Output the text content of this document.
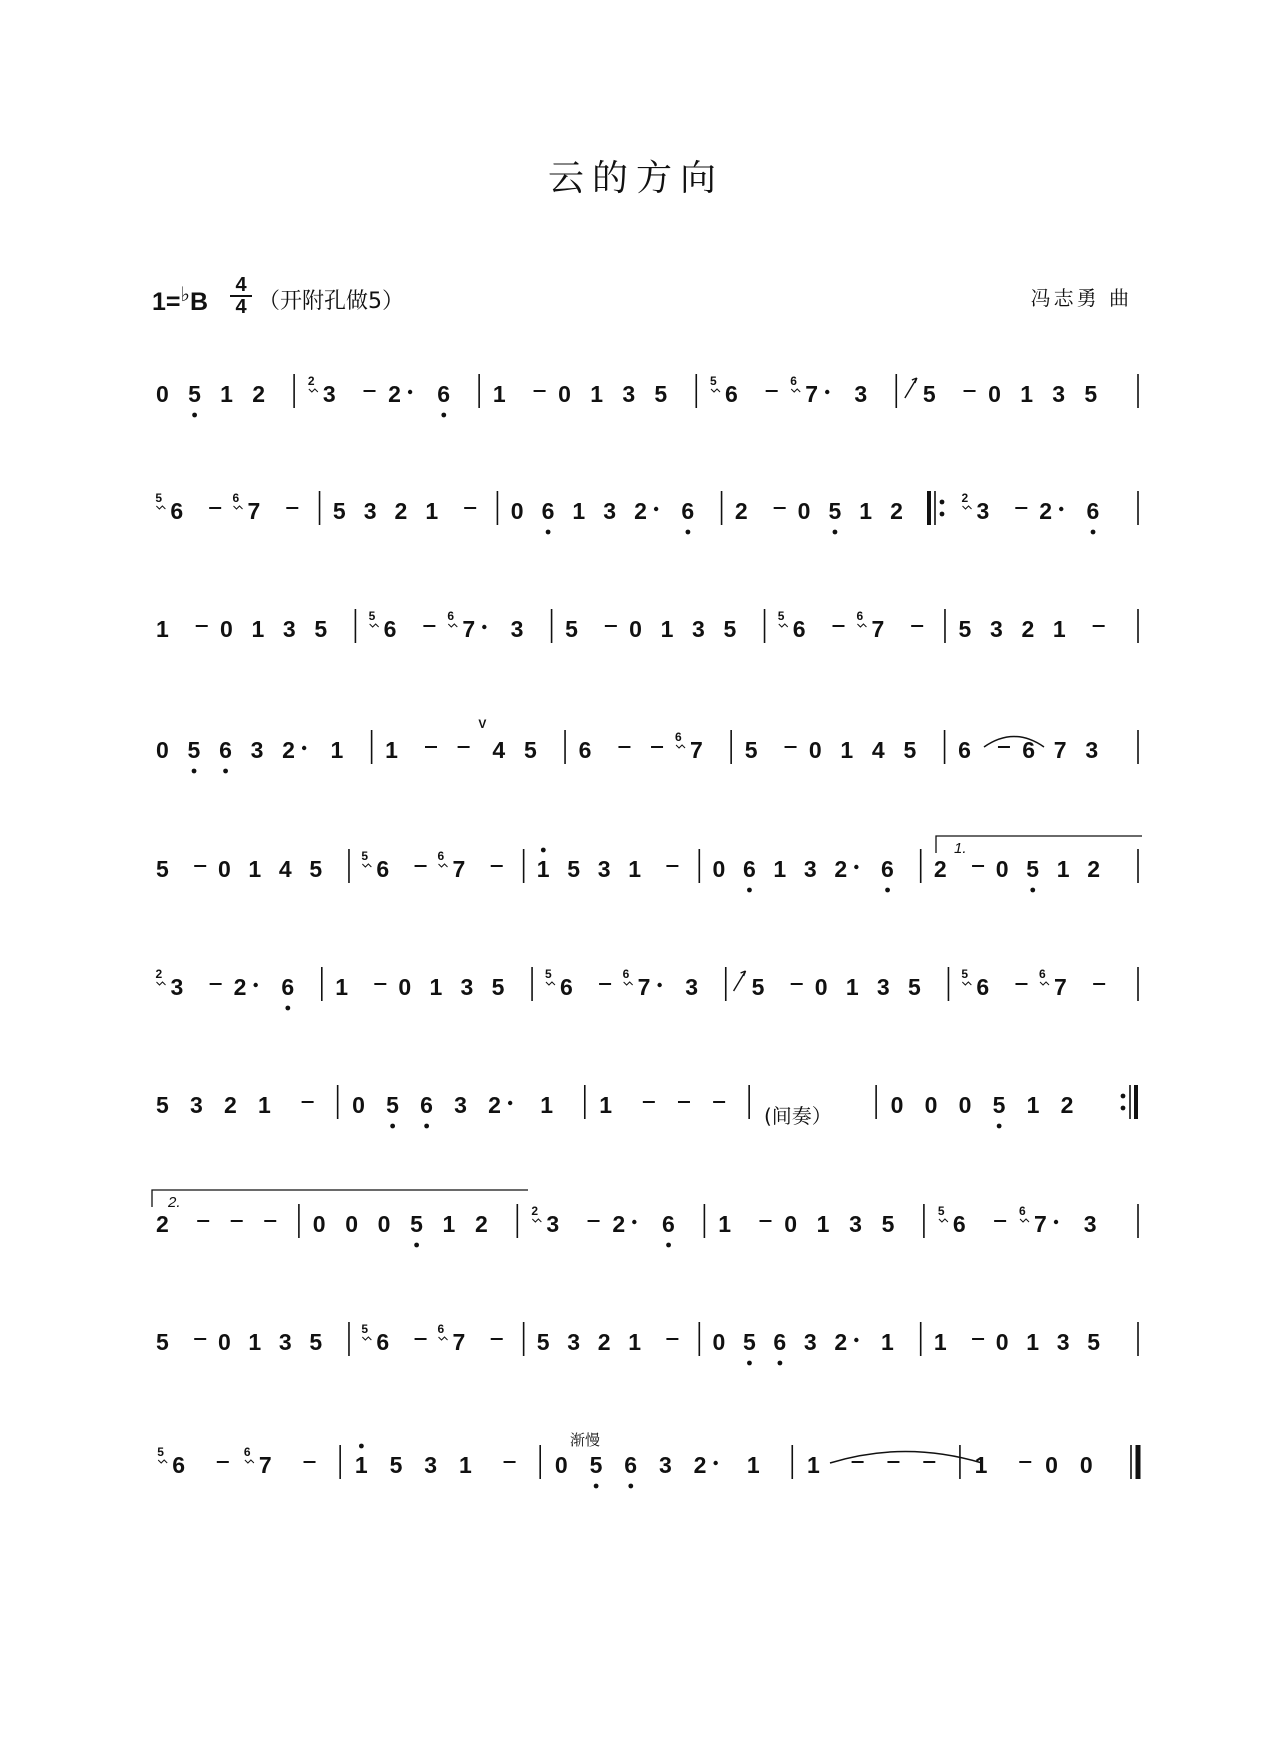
云的方向
1=♭B
4
4 （开附孔做5）	冯志勇 曲
1.
2.
(间奏）
渐慢
0 5 1 2	2 3 2 6 1 0 1 3 5	5 6	6 7 3 5 0 1 3 5
5 6	6 7	5 3 2 1	0 6 1 3 2 6 2 0 5 1 2	2 3 2 6
1 0 1 3 5	5 6	6 7 3 5 0 1 3 5	5 6	6 7	5 3 2 1
0 5 6 3 2 1 1
V
4 5 6	6 7 5 0 1 4 5 6 6 7 3
5 0 1 4 5	5 6	6 7	1 5 3 1	0 6 1 3 2 6 2 0 5 1 2
2 3 2 6 1 0 1 3 5	5 6	6 7 3 5 0 1 3 5	5 6	6 7
5 3 2 1	0 5 6 3 2 1 1	0 0 0 5 1 2
2	0 0 0 5 1 2	2 3 2 6 1 0 1 3 5	5 6	6 7 3
5 0 1 3 5	5 6	6 7	5 3 2 1	0 5 6 3 2 1 1 0 1 3 5
5 6	6 7	1 5 3 1	0 5 6 3 2 1 1	1	0 0
